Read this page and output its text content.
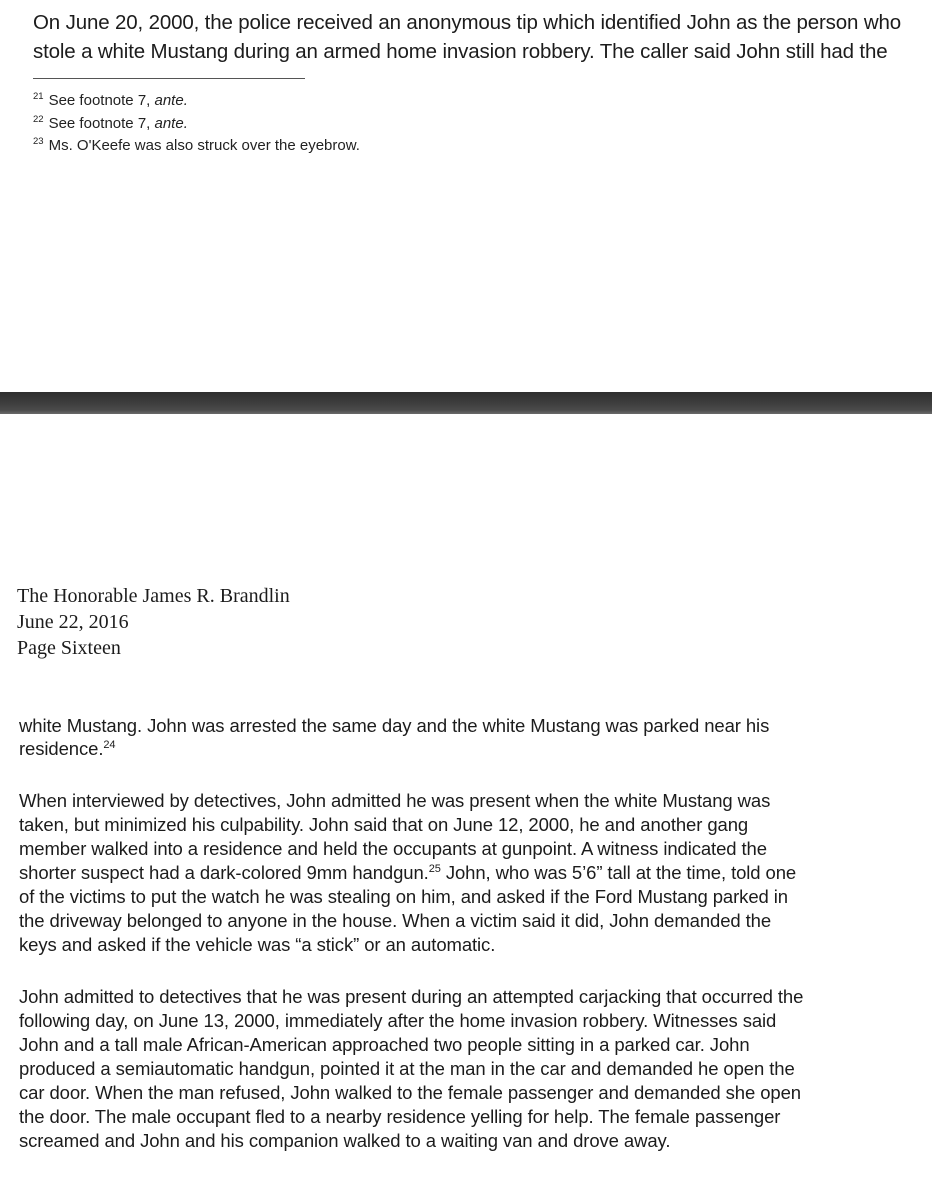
On June 20, 2000, the police received an anonymous tip which identified John as the person who
stole a white Mustang during an armed home invasion robbery. The caller said John still had the
$^{21}$ See footnote 7, ante.
$^{22}$ See footnote 7, ante.
$^{23}$ Ms. O'Keefe was also struck over the eyebrow.
The Honorable James R. Brandlin
June 22, 2016
Page Sixteen
white Mustang. John was arrested the same day and the white Mustang was parked near his
residence.$^{24}$
When interviewed by detectives, John admitted he was present when the white Mustang was
taken, but minimized his culpability. John said that on June 12, 2000, he and another gang
member walked into a residence and held the occupants at gunpoint. A witness indicated the
shorter suspect had a dark-colored 9mm handgun.$^{25}$ John, who was 5’6” tall at the time, told one
of the victims to put the watch he was stealing on him, and asked if the Ford Mustang parked in
the driveway belonged to anyone in the house. When a victim said it did, John demanded the
keys and asked if the vehicle was “a stick” or an automatic.
John admitted to detectives that he was present during an attempted carjacking that occurred the
following day, on June 13, 2000, immediately after the home invasion robbery. Witnesses said
John and a tall male African-American approached two people sitting in a parked car. John
produced a semiautomatic handgun, pointed it at the man in the car and demanded he open the
car door. When the man refused, John walked to the female passenger and demanded she open
the door. The male occupant fled to a nearby residence yelling for help. The female passenger
screamed and John and his companion walked to a waiting van and drove away.
